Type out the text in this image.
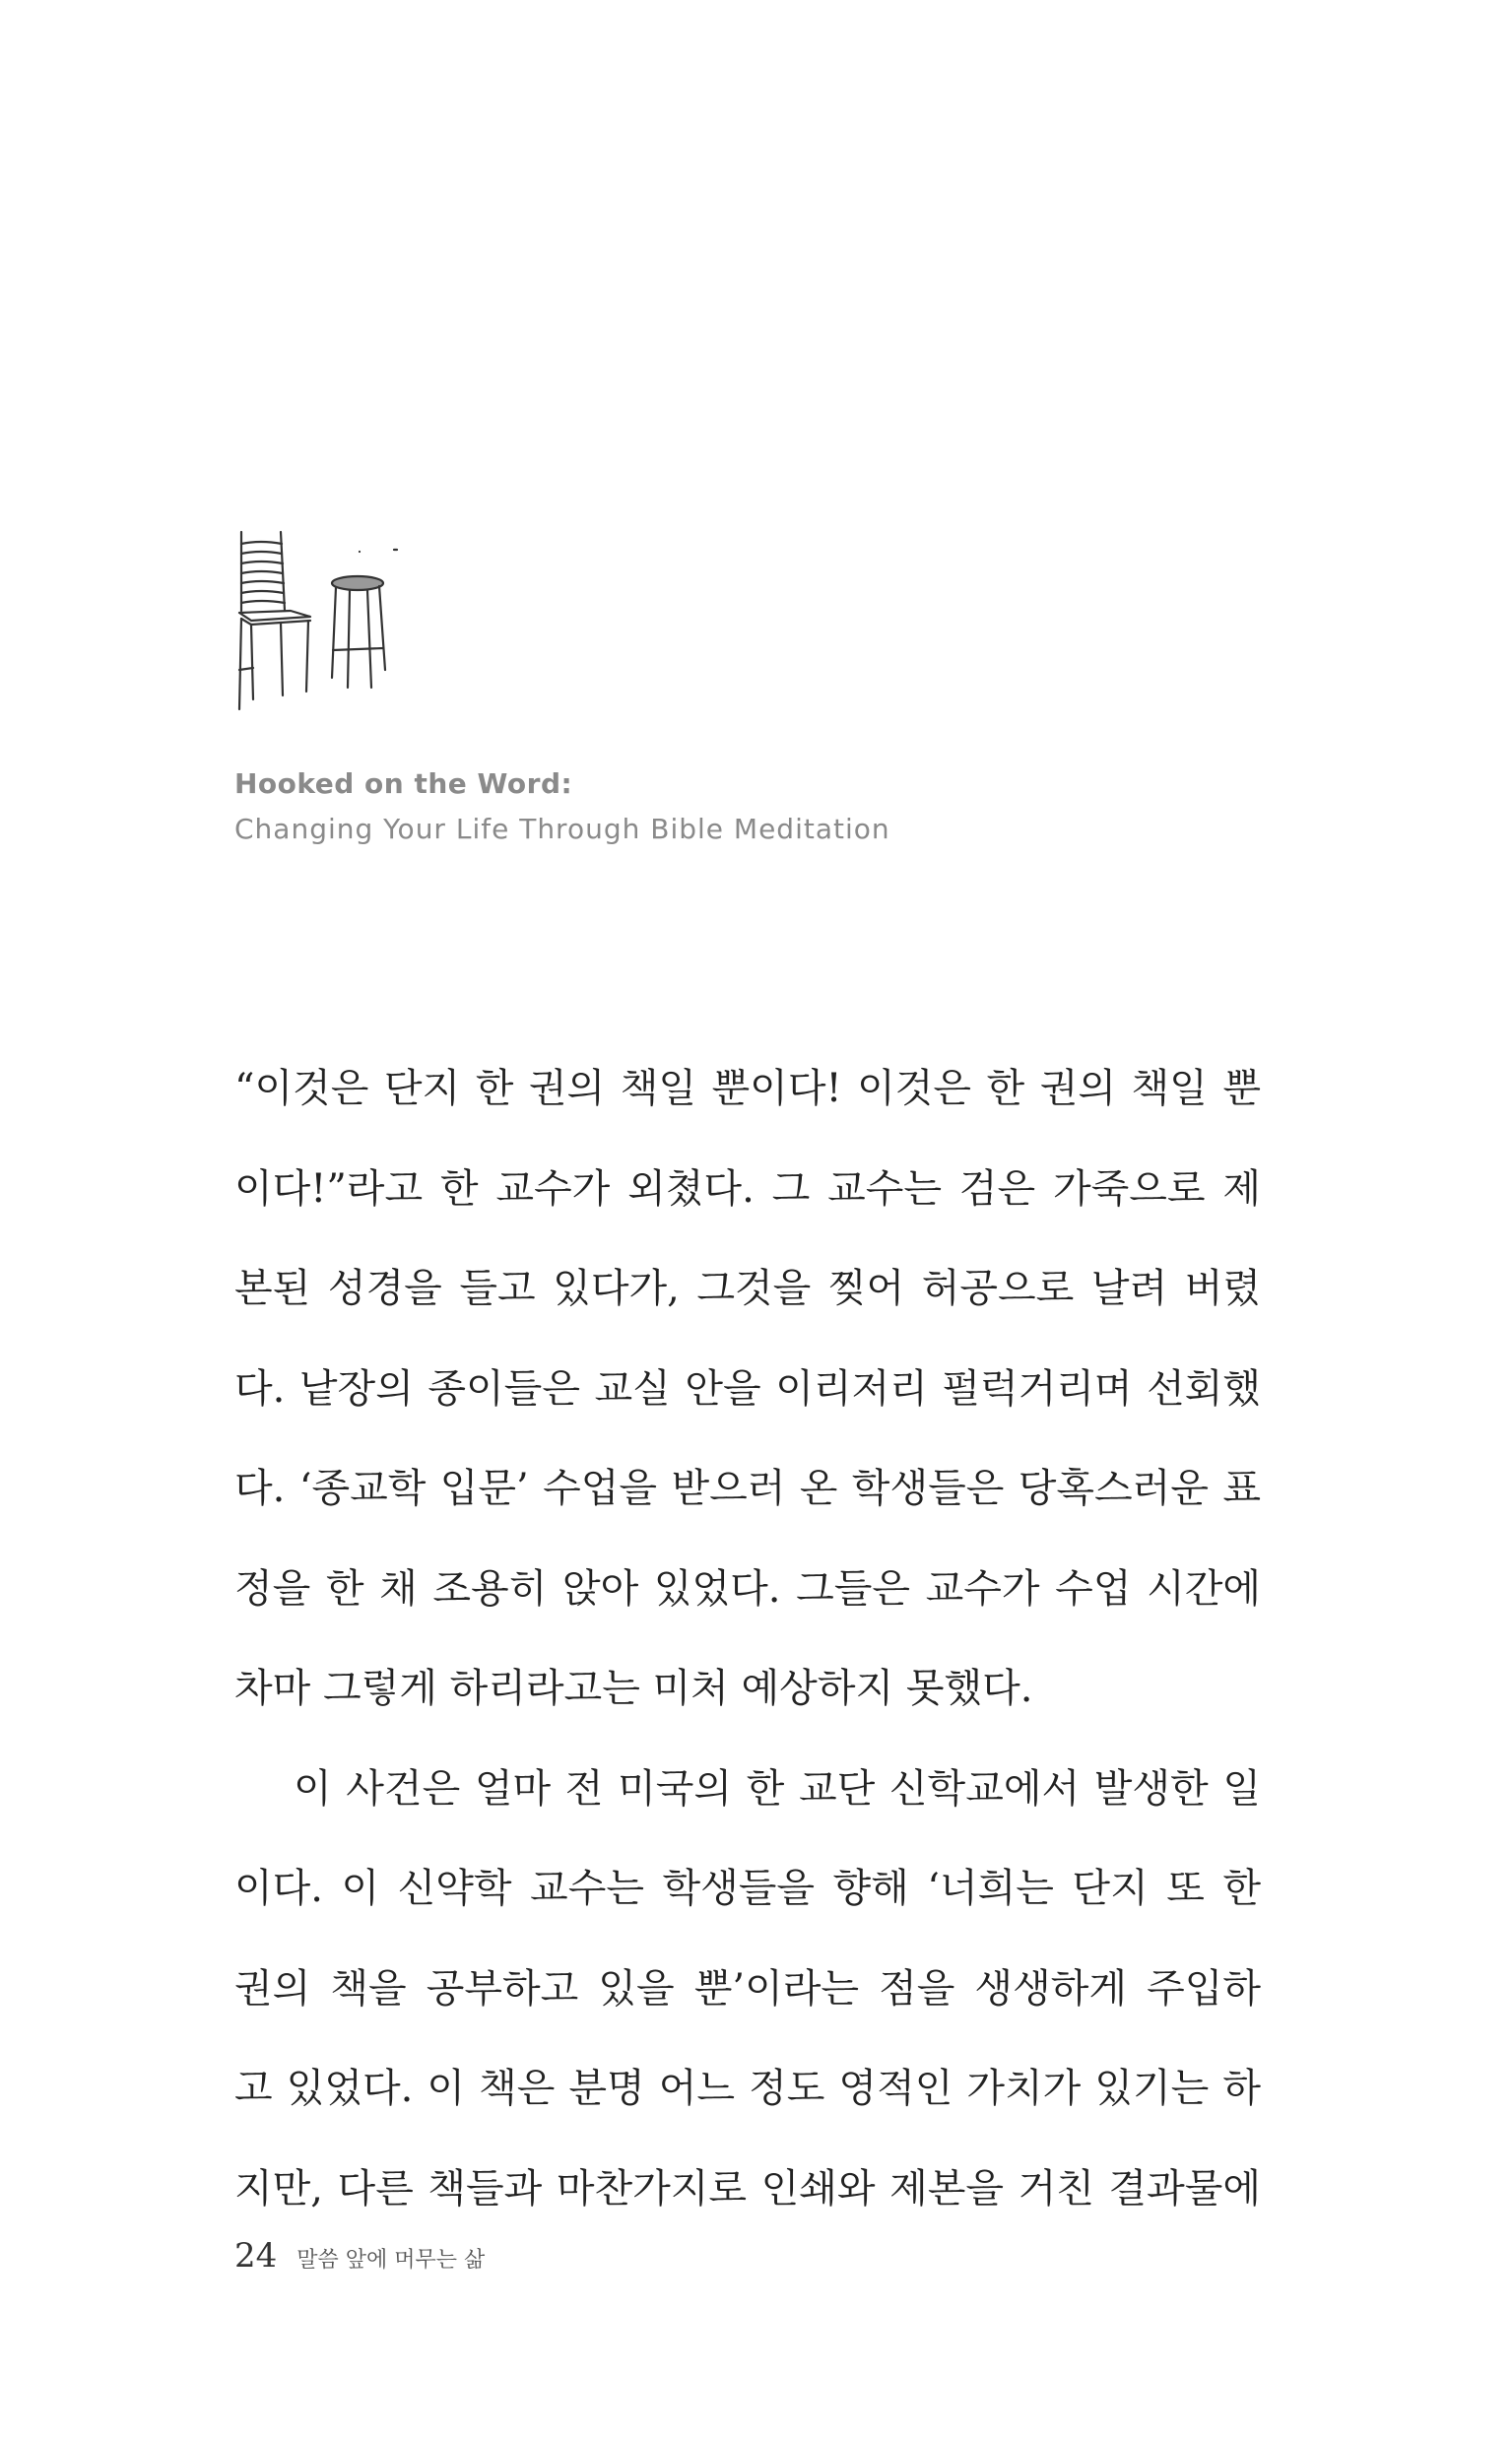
Hooked on the Word:
Changing Your Life Through Bible Meditation
“이것은 단지 한 권의 책일 뿐이다! 이것은 한 권의 책일 뿐
이다!”라고 한 교수가 외쳤다. 그 교수는 검은 가죽으로 제
본된 성경을 들고 있다가, 그것을 찢어 허공으로 날려 버렸
다. 낱장의 종이들은 교실 안을 이리저리 펄럭거리며 선회했
다. ‘종교학 입문’ 수업을 받으러 온 학생들은 당혹스러운 표
정을 한 채 조용히 앉아 있었다. 그들은 교수가 수업 시간에
차마 그렇게 하리라고는 미처 예상하지 못했다.
이 사건은 얼마 전 미국의 한 교단 신학교에서 발생한 일
이다. 이 신약학 교수는 학생들을 향해 ‘너희는 단지 또 한
권의 책을 공부하고 있을 뿐’이라는 점을 생생하게 주입하
고 있었다. 이 책은 분명 어느 정도 영적인 가치가 있기는 하
지만, 다른 책들과 마찬가지로 인쇄와 제본을 거친 결과물에
24 말씀 앞에 머무는 삶
